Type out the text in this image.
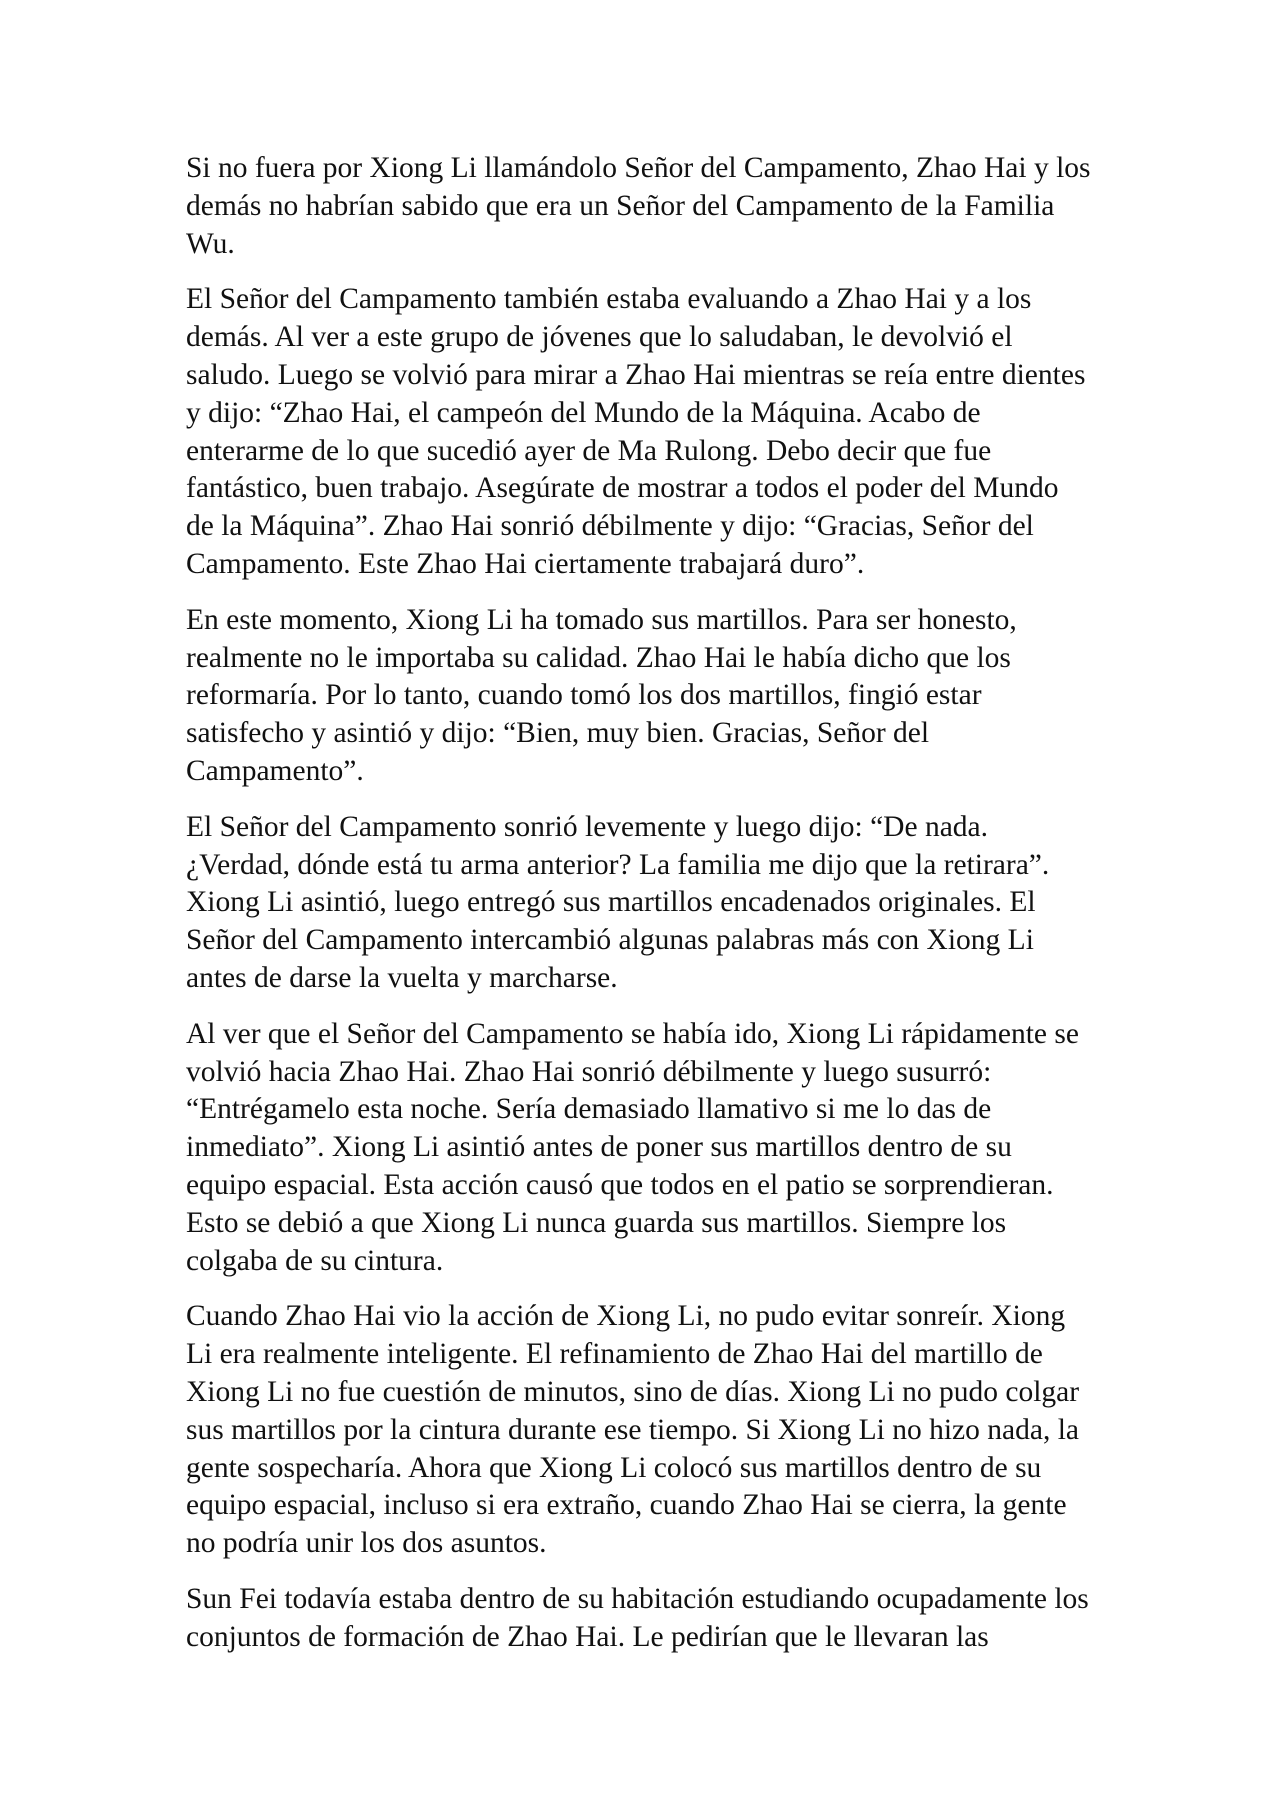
Si no fuera por Xiong Li llamándolo Señor del Campamento, Zhao Hai y los
demás no habrían sabido que era un Señor del Campamento de la Familia
Wu.

El Señor del Campamento también estaba evaluando a Zhao Hai y a los
demás. Al ver a este grupo de jóvenes que lo saludaban, le devolvió el
saludo. Luego se volvió para mirar a Zhao Hai mientras se reía entre dientes
y dijo: “Zhao Hai, el campeón del Mundo de la Máquina. Acabo de
enterarme de lo que sucedió ayer de Ma Rulong. Debo decir que fue
fantástico, buen trabajo. Asegúrate de mostrar a todos el poder del Mundo
de la Máquina”. Zhao Hai sonrió débilmente y dijo: “Gracias, Señor del
Campamento. Este Zhao Hai ciertamente trabajará duro”.

En este momento, Xiong Li ha tomado sus martillos. Para ser honesto,
realmente no le importaba su calidad. Zhao Hai le había dicho que los
reformaría. Por lo tanto, cuando tomó los dos martillos, fingió estar
satisfecho y asintió y dijo: “Bien, muy bien. Gracias, Señor del
Campamento”.

El Señor del Campamento sonrió levemente y luego dijo: “De nada.
¿Verdad, dónde está tu arma anterior? La familia me dijo que la retirara”.
Xiong Li asintió, luego entregó sus martillos encadenados originales. El
Señor del Campamento intercambió algunas palabras más con Xiong Li
antes de darse la vuelta y marcharse.

Al ver que el Señor del Campamento se había ido, Xiong Li rápidamente se
volvió hacia Zhao Hai. Zhao Hai sonrió débilmente y luego susurró:
“Entrégamelo esta noche. Sería demasiado llamativo si me lo das de
inmediato”. Xiong Li asintió antes de poner sus martillos dentro de su
equipo espacial. Esta acción causó que todos en el patio se sorprendieran.
Esto se debió a que Xiong Li nunca guarda sus martillos. Siempre los
colgaba de su cintura.

Cuando Zhao Hai vio la acción de Xiong Li, no pudo evitar sonreír. Xiong
Li era realmente inteligente. El refinamiento de Zhao Hai del martillo de
Xiong Li no fue cuestión de minutos, sino de días. Xiong Li no pudo colgar
sus martillos por la cintura durante ese tiempo. Si Xiong Li no hizo nada, la
gente sospecharía. Ahora que Xiong Li colocó sus martillos dentro de su
equipo espacial, incluso si era extraño, cuando Zhao Hai se cierra, la gente
no podría unir los dos asuntos.

Sun Fei todavía estaba dentro de su habitación estudiando ocupadamente los
conjuntos de formación de Zhao Hai. Le pedirían que le llevaran las
